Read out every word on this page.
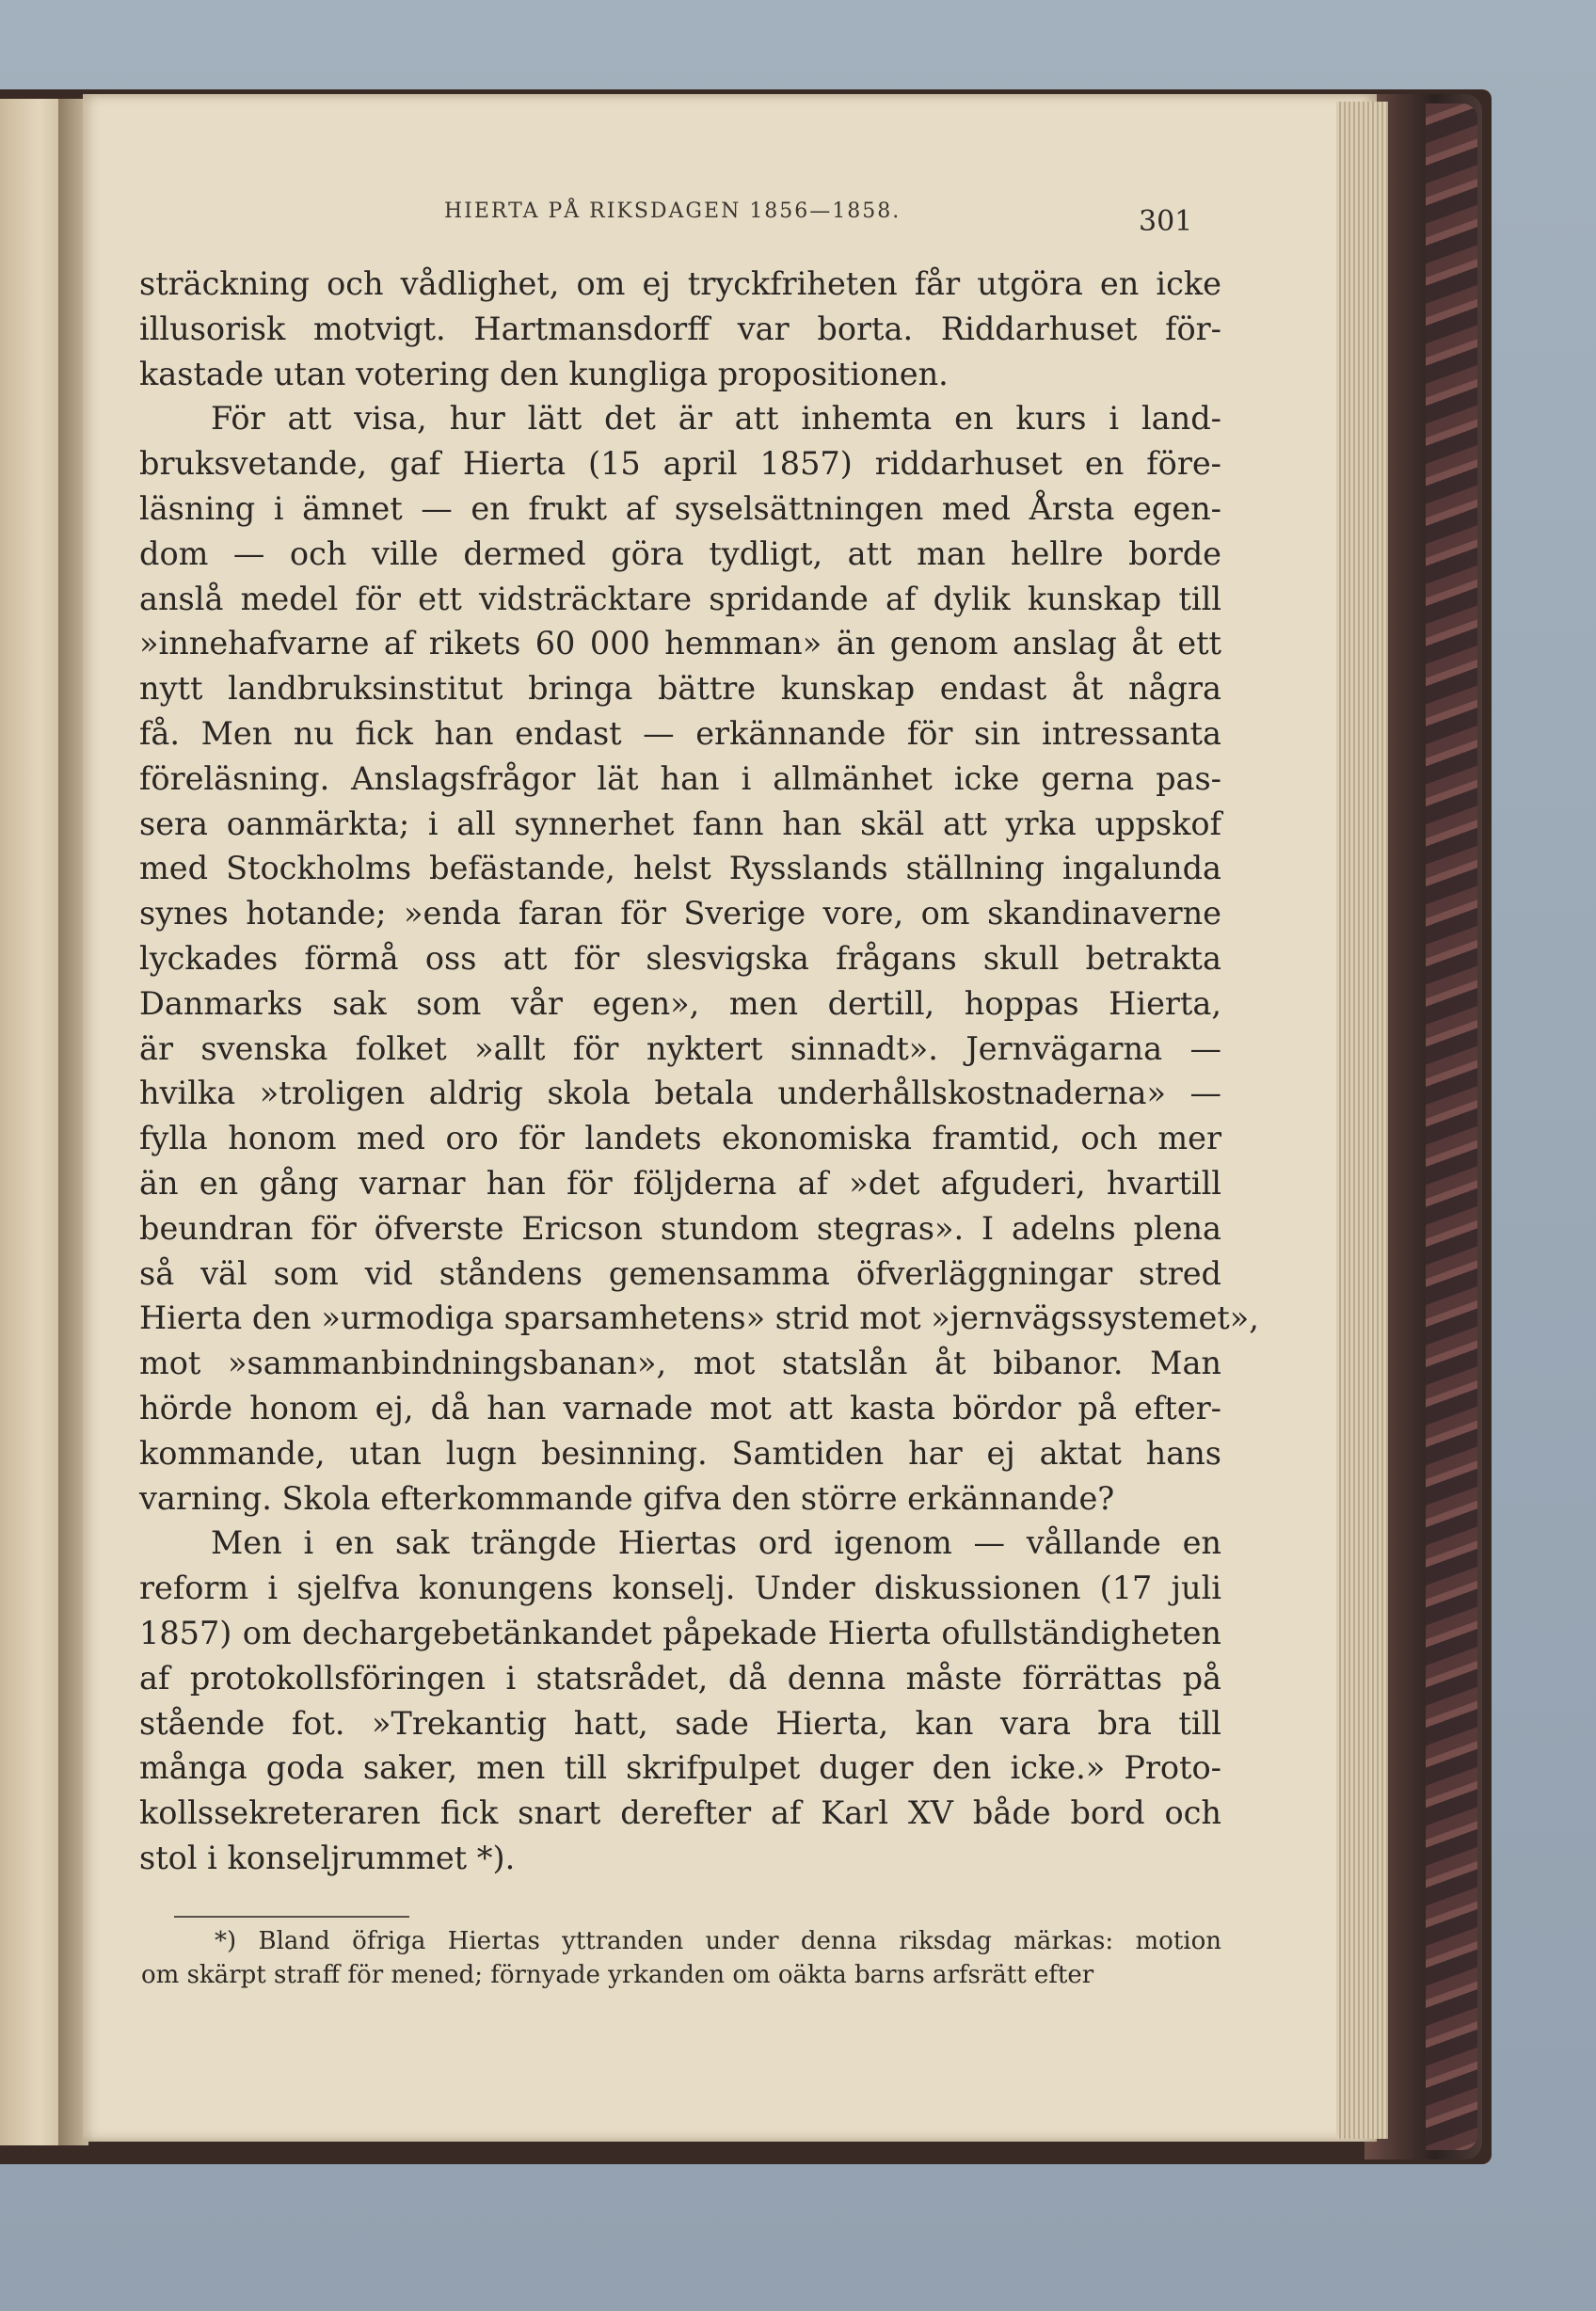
HIERTA PÅ RIKSDAGEN 1856—1858.	301
sträckning och vådlighet, om ej tryckfriheten får utgöra en icke
illusorisk motvigt. Hartmansdorff var borta. Riddarhuset för-
kastade utan votering den kungliga propositionen.
För att visa, hur lätt det är att inhemta en kurs i land-
bruksvetande, gaf Hierta (15 april 1857) riddarhuset en före-
läsning i ämnet — en frukt af syselsättningen med Årsta egen-
dom — och ville dermed göra tydligt, att man hellre borde
anslå medel för ett vidsträcktare spridande af dylik kunskap till
»innehafvarne af rikets 60 000 hemman» än genom anslag åt ett
nytt landbruksinstitut bringa bättre kunskap endast åt några
få. Men nu fick han endast — erkännande för sin intressanta
föreläsning. Anslagsfrågor lät han i allmänhet icke gerna pas-
sera oanmärkta; i all synnerhet fann han skäl att yrka uppskof
med Stockholms befästande, helst Rysslands ställning ingalunda
synes hotande; »enda faran för Sverige vore, om skandinaverne
lyckades förmå oss att för slesvigska frågans skull betrakta
Danmarks sak som vår egen», men dertill, hoppas Hierta,
är svenska folket »allt för nyktert sinnadt». Jernvägarna —
hvilka »troligen aldrig skola betala underhållskostnaderna» —
fylla honom med oro för landets ekonomiska framtid, och mer
än en gång varnar han för följderna af »det afguderi, hvartill
beundran för öfverste Ericson stundom stegras». I adelns plena
så väl som vid ståndens gemensamma öfverläggningar stred
Hierta den »urmodiga sparsamhetens» strid mot »jernvägssystemet»,
mot »sammanbindningsbanan», mot statslån åt bibanor. Man
hörde honom ej, då han varnade mot att kasta bördor på efter-
kommande, utan lugn besinning. Samtiden har ej aktat hans
varning. Skola efterkommande gifva den större erkännande?
Men i en sak trängde Hiertas ord igenom — vållande en
reform i sjelfva konungens konselj. Under diskussionen (17 juli
1857) om dechargebetänkandet påpekade Hierta ofullständigheten
af protokollsföringen i statsrådet, då denna måste förrättas på
stående fot. »Trekantig hatt, sade Hierta, kan vara bra till
många goda saker, men till skrifpulpet duger den icke.» Proto-
kollssekreteraren fick snart derefter af Karl XV både bord och
stol i konseljrummet *).
*) Bland öfriga Hiertas yttranden under denna riksdag märkas: motion
om skärpt straff för mened; förnyade yrkanden om oäkta barns arfsrätt efter
